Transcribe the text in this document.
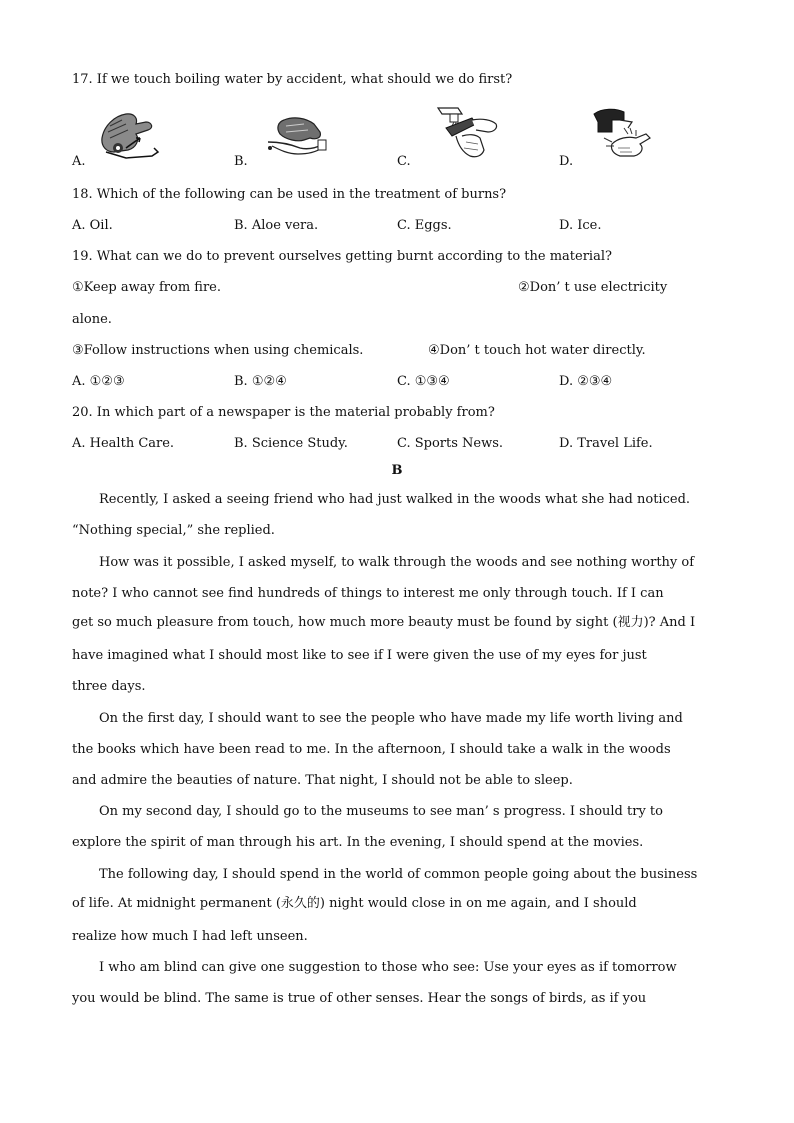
17. If we touch boiling water by accident, what should we do first?
A.	B.	C.	D.
18. Which of the following can be used in the treatment of burns?
A. Oil.	B. Aloe vera.	C. Eggs.	D. Ice.
19. What can we do to prevent ourselves getting burnt according to the material?
①Keep away from fire.	②Don’ t use electricity
alone.
③Follow instructions when using chemicals.	④Don’ t touch hot water directly.
A. ①②③	B. ①②④	C. ①③④	D. ②③④
20. In which part of a newspaper is the material probably from?
A. Health Care.	B. Science Study.	C. Sports News.	D. Travel Life.
B
Recently, I asked a seeing friend who had just walked in the woods what she had noticed.
“Nothing special,” she replied.
How was it possible, I asked myself, to walk through the woods and see nothing worthy of
note? I who cannot see find hundreds of things to interest me only through touch. If I can
get so much pleasure from touch, how much more beauty must be found by sight (视力)? And I
have imagined what I should most like to see if I were given the use of my eyes for just
three days.
On the first day, I should want to see the people who have made my life worth living and
the books which have been read to me. In the afternoon, I should take a walk in the woods
and admire the beauties of nature. That night, I should not be able to sleep.
On my second day, I should go to the museums to see man’ s progress. I should try to
explore the spirit of man through his art. In the evening, I should spend at the movies.
The following day, I should spend in the world of common people going about the business
of life. At midnight permanent (永久的) night would close in on me again, and I should
realize how much I had left unseen.
I who am blind can give one suggestion to those who see: Use your eyes as if tomorrow
you would be blind. The same is true of other senses. Hear the songs of birds, as if you
